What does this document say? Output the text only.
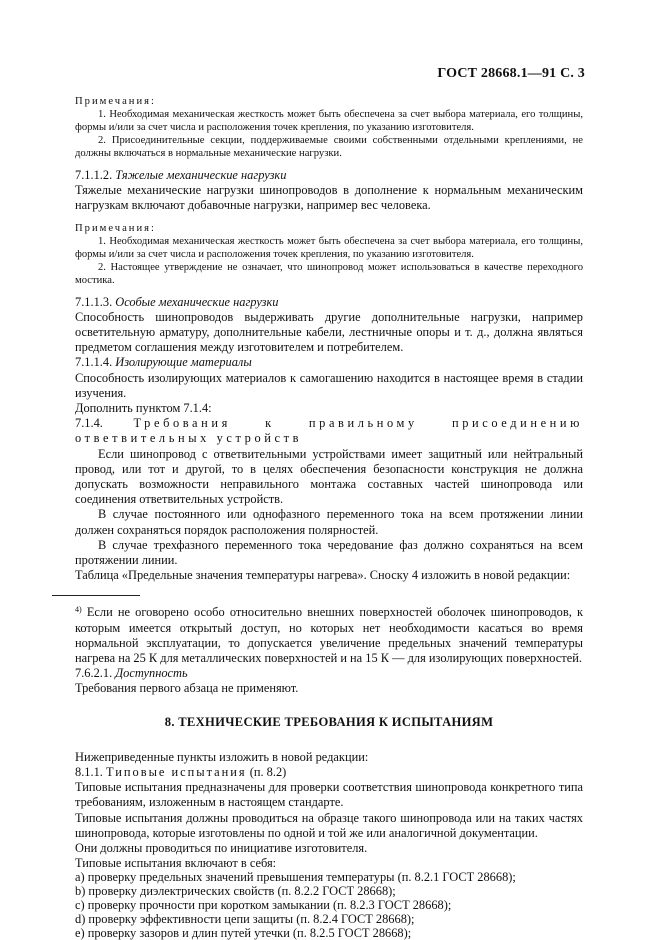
ГОСТ 28668.1—91 С. 3

Примечания:

1. Необходимая механическая жесткость может быть обеспечена за счет выбора материала, его толщины, формы и/или за счет числа и расположения точек крепления, по указанию изготовителя.

2. Присоединительные секции, поддерживаемые своими собственными отдельными креплениями, не должны включаться в нормальные механические нагрузки.

7.1.1.2. Тяжелые механические нагрузки

Тяжелые механические нагрузки шинопроводов в дополнение к нормальным механическим нагрузкам включают добавочные нагрузки, например вес человека.

Примечания:

1. Необходимая механическая жесткость может быть обеспечена за счет выбора материала, его толщины, формы и/или за счет числа и расположения точек крепления, по указанию изготовителя.

2. Настоящее утверждение не означает, что шинопровод может использоваться в качестве переходного мостика.

7.1.1.3. Особые механические нагрузки

Способность шинопроводов выдерживать другие дополнительные нагрузки, например осветительную арматуру, дополнительные кабели, лестничные опоры и т. д., должна являться предметом соглашения между изготовителем и потребителем.

7.1.1.4. Изолирующие материалы

Способность изолирующих материалов к самогашению находится в настоящее время в стадии изучения.

Дополнить пунктом 7.1.4:

7.1.4. Требования к правильному присоединению ответвительных устройств

Если шинопровод с ответвительными устройствами имеет защитный или нейтральный провод, или тот и другой, то в целях обеспечения безопасности конструкция не должна допускать возможности неправильного монтажа составных частей шинопровода или соединения ответвительных устройств.

В случае постоянного или однофазного переменного тока на всем протяжении линии должен сохраняться порядок расположения полярностей.

В случае трехфазного переменного тока чередование фаз должно сохраняться на всем протяжении линии.

Таблица «Предельные значения температуры нагрева». Сноску 4 изложить в новой редакции:

$^{4)}$ Если не оговорено особо относительно внешних поверхностей оболочек шинопроводов, к которым имеется открытый доступ, но которых нет необходимости касаться во время нормальной эксплуатации, то допускается увеличение предельных значений температуры нагрева на 25 К для металлических поверхностей и на 15 К — для изолирующих поверхностей.

7.6.2.1. Доступность

Требования первого абзаца не применяют.

8. ТЕХНИЧЕСКИЕ ТРЕБОВАНИЯ К ИСПЫТАНИЯМ

Нижеприведенные пункты изложить в новой редакции:

8.1.1. Типовые испытания (п. 8.2)

Типовые испытания предназначены для проверки соответствия шинопровода конкретного типа требованиям, изложенным в настоящем стандарте.

Типовые испытания должны проводиться на образце такого шинопровода или на таких частях шинопровода, которые изготовлены по одной и той же или аналогичной документации.

Они должны проводиться по инициативе изготовителя.

Типовые испытания включают в себя:

а) проверку предельных значений превышения температуры (п. 8.2.1 ГОСТ 28668);

b) проверку диэлектрических свойств (п. 8.2.2 ГОСТ 28668);

c) проверку прочности при коротком замыкании (п. 8.2.3 ГОСТ 28668);

d) проверку эффективности цепи защиты (п. 8.2.4 ГОСТ 28668);

e) проверку зазоров и длин путей утечки (п. 8.2.5 ГОСТ 28668);
